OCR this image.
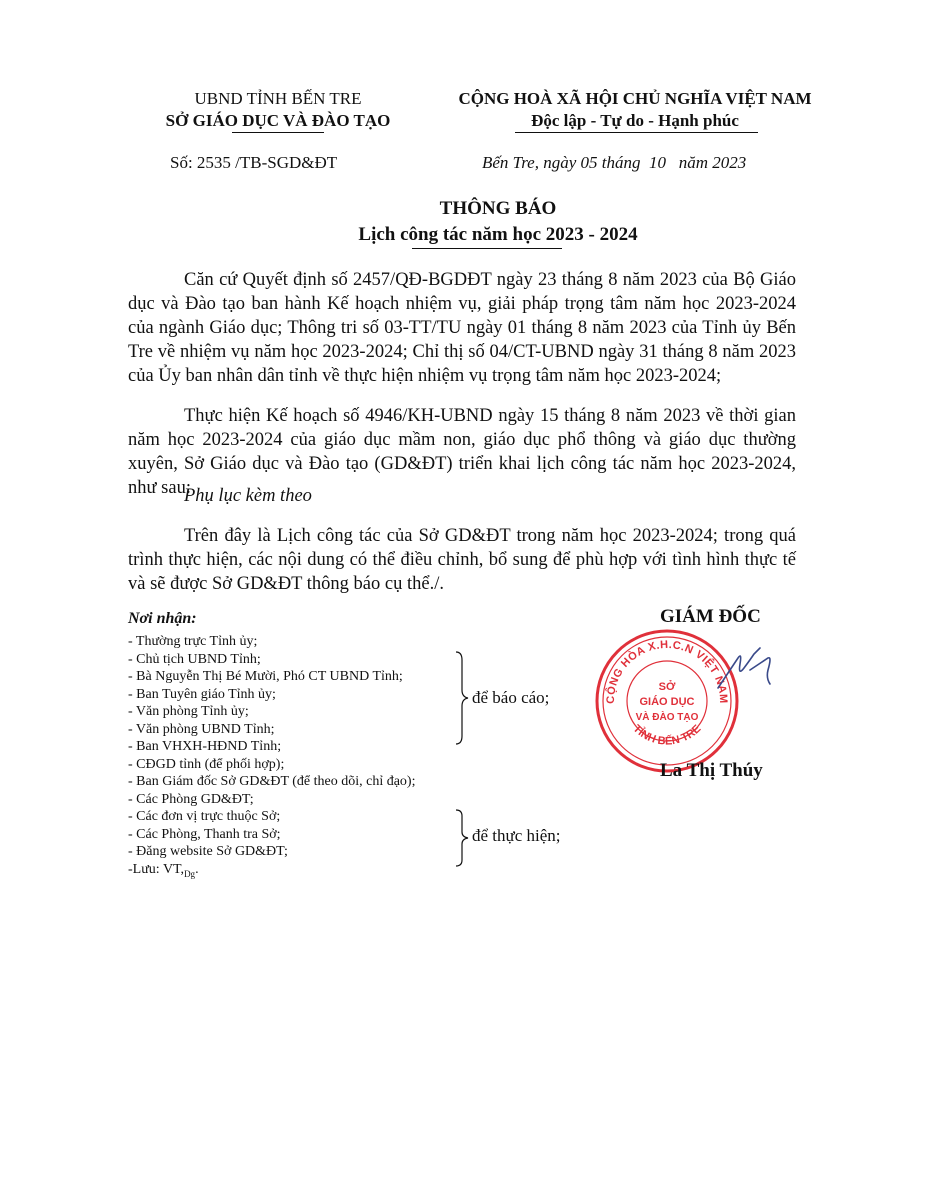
UBND TỈNH BẾN TRE
SỞ GIÁO DỤC VÀ ĐÀO TẠO
CỘNG HOÀ XÃ HỘI CHỦ NGHĨA VIỆT NAM
Độc lập - Tự do - Hạnh phúc
Số: 2535 /TB-SGD&ĐT	Bến Tre, ngày 05 tháng  10   năm 2023
THÔNG BÁO
Lịch công tác năm học 2023 - 2024

Căn cứ Quyết định số 2457/QĐ-BGDĐT ngày 23 tháng 8 năm 2023 của Bộ Giáo dục và Đào tạo ban hành Kế hoạch nhiệm vụ, giải pháp trọng tâm năm học 2023-2024 của ngành Giáo dục; Thông tri số 03-TT/TU ngày 01 tháng 8 năm 2023 của Tỉnh ủy Bến Tre về nhiệm vụ năm học 2023-2024; Chỉ thị số 04/CT-UBND ngày 31 tháng 8 năm 2023 của Ủy ban nhân dân tỉnh về thực hiện nhiệm vụ trọng tâm năm học 2023-2024;

Thực hiện Kế hoạch số 4946/KH-UBND ngày 15 tháng 8 năm 2023 về thời gian năm học 2023-2024 của giáo dục mầm non, giáo dục phổ thông và giáo dục thường xuyên, Sở Giáo dục và Đào tạo (GD&ĐT) triển khai lịch công tác năm học 2023-2024, như sau:

Phụ lục kèm theo

Trên đây là Lịch công tác của Sở GD&ĐT trong năm học 2023-2024; trong quá trình thực hiện, các nội dung có thể điều chỉnh, bổ sung để phù hợp với tình hình thực tế và sẽ được Sở GD&ĐT thông báo cụ thể./.

Nơi nhận:
- Thường trực Tỉnh ủy;
- Chủ tịch UBND Tỉnh;
- Bà Nguyễn Thị Bé Mười, Phó CT UBND Tỉnh;
- Ban Tuyên giáo Tỉnh ủy;
- Văn phòng Tỉnh ủy;
- Văn phòng UBND Tỉnh;
- Ban VHXH-HĐND Tỉnh;
- CĐGD tỉnh (để phối hợp);
- Ban Giám đốc Sở GD&ĐT (để theo dõi, chỉ đạo);
- Các Phòng GD&ĐT;
- Các đơn vị trực thuộc Sở;
- Các Phòng, Thanh tra Sở;
- Đăng website Sở GD&ĐT;
-Lưu: $VT,_{Dg}$.
để báo cáo;
để thực hiện;
GIÁM ĐỐC
CỘNG HÒA X.H.C.N VIỆT NAM
TỈNH BẾN TRE
SỞ
GIÁO DỤC
VÀ ĐÀO TẠO
La Thị Thúy
